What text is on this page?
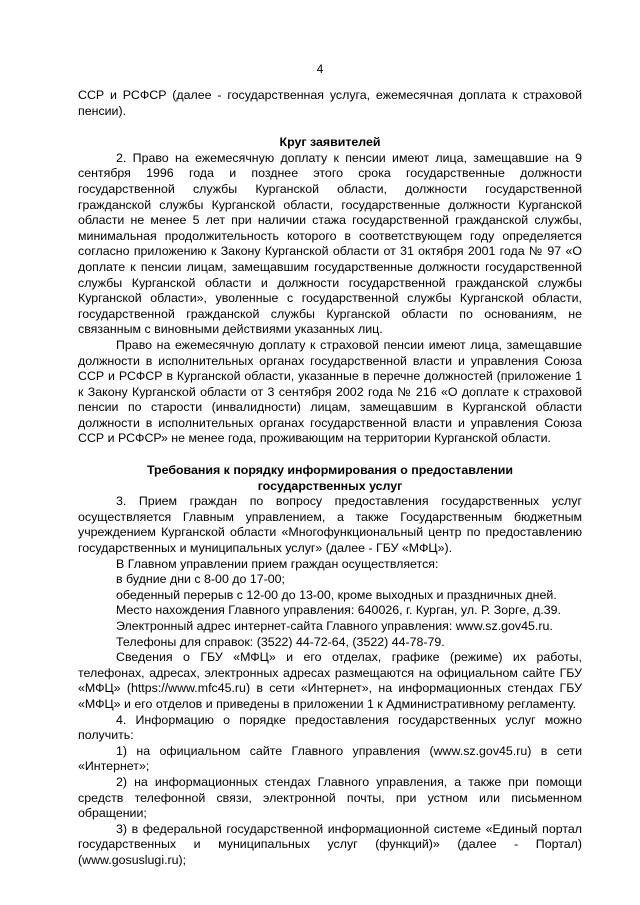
4

ССР и РСФСР (далее - государственная услуга, ежемесячная доплата к страховой пенсии).

Круг заявителей

2. Право на ежемесячную доплату к пенсии имеют лица, замещавшие на 9 сентября 1996 года и позднее этого срока государственные должности государственной службы Курганской области, должности государственной гражданской службы Курганской области, государственные должности Курганской области не менее 5 лет при наличии стажа государственной гражданской службы, минимальная продолжительность которого в соответствующем году определяется согласно приложению к Закону Курганской области от 31 октября 2001 года № 97 «О доплате к пенсии лицам, замещавшим государственные должности государственной службы Курганской области и должности государственной гражданской службы Курганской области», уволенные с государственной службы Курганской области, государственной гражданской службы Курганской области по основаниям, не связанным с виновными действиями указанных лиц.

Право на ежемесячную доплату к страховой пенсии имеют лица, замещавшие должности в исполнительных органах государственной власти и управления Союза ССР и РСФСР в Курганской области, указанные в перечне должностей (приложение 1 к Закону Курганской области от 3 сентября 2002 года № 216 «О доплате к страховой пенсии по старости (инвалидности) лицам, замещавшим в Курганской области должности в исполнительных органах государственной власти и управления Союза ССР и РСФСР» не менее года, проживающим на территории Курганской области.

Требования к порядку информирования о предоставлении
государственных услуг

3. Прием граждан по вопросу предоставления государственных услуг осуществляется Главным управлением, а также Государственным бюджетным учреждением Курганской области «Многофункциональный центр по предоставлению государственных и муниципальных услуг» (далее - ГБУ «МФЦ»).

В Главном управлении прием граждан осуществляется:

в будние дни с 8-00 до 17-00;

обеденный перерыв с 12-00 до 13-00, кроме выходных и праздничных дней.

Место нахождения Главного управления: 640026, г. Курган, ул. Р. Зорге, д.39.

Электронный адрес интернет-сайта Главного управления: www.sz.gov45.ru.

Телефоны для справок: (3522) 44-72-64, (3522) 44-78-79.

Сведения о ГБУ «МФЦ» и его отделах, графике (режиме) их работы, телефонах, адресах, электронных адресах размещаются на официальном сайте ГБУ «МФЦ» (https://www.mfc45.ru) в сети «Интернет», на информационных стендах ГБУ «МФЦ» и его отделов и приведены в приложении 1 к Административному регламенту.

4. Информацию о порядке предоставления государственных услуг можно получить:

1) на официальном сайте Главного управления (www.sz.gov45.ru) в сети «Интернет»;

2) на информационных стендах Главного управления, а также при помощи средств телефонной связи, электронной почты, при устном или письменном обращении;

3) в федеральной государственной информационной системе «Единый портал государственных и муниципальных услуг (функций)» (далее - Портал) (www.gosuslugi.ru);
